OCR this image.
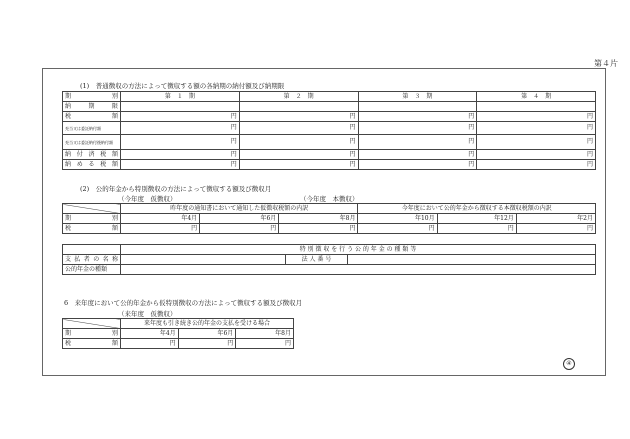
第４片
(1)　普通徴収の方法によって徴収する額の各納期の納付額及び納期限
期　　別	第　１　期	第　２　期	第　３　期	第　４　期
納　期　限				
税　　　額	円	円	円	円
充当又は委託納付額	円	円	円	円
充当又は委託納付後納付額	円	円	円	円
納付済税額	円	円	円	円
納める税額	円	円	円	円
(2)　公的年金から特別徴収の方法によって徴収する額及び徴収月
（今年度　仮徴収）	（今年度　本徴収）
	昨年度の通知書において通知した仮徴収税額の内訳			今年度において公的年金から徴収する本徴収税額の内訳		
期　　別	年4月	年6月	年8月	年10月	年12月	年2月
税　　額	円	円	円	円	円	円
	特 別 徴 収 を 行 う 公 的 年 金 の 種 類 等		
支払者の名称		法 人 番 号	
公的年金の種類			
6　来年度において公的年金から仮特別徴収の方法によって徴収する額及び徴収月
（来年度　仮徴収）
	来年度も引き続き公的年金の支払を受ける場合		
期　　別	年4月	年6月	年8月
税　　額	円	円	円
④
